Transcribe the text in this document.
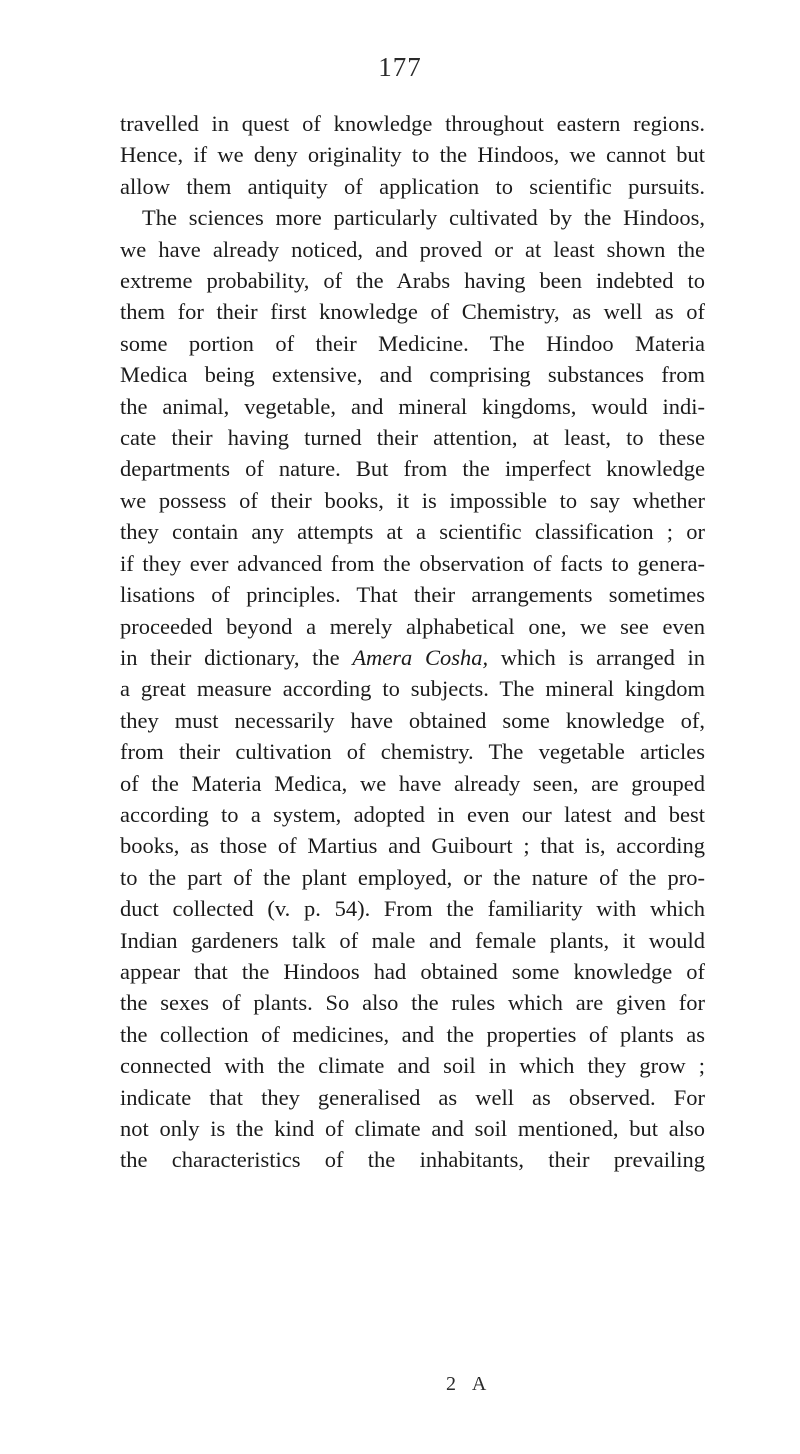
177
travelled in quest of knowledge throughout eastern regions.
Hence, if we deny originality to the Hindoos, we cannot but
allow them antiquity of application to scientific pursuits.
The sciences more particularly cultivated by the Hindoos,
we have already noticed, and proved or at least shown the
extreme probability, of the Arabs having been indebted to
them for their first knowledge of Chemistry, as well as of
some portion of their Medicine. The Hindoo Materia
Medica being extensive, and comprising substances from
the animal, vegetable, and mineral kingdoms, would indi-
cate their having turned their attention, at least, to these
departments of nature. But from the imperfect knowledge
we possess of their books, it is impossible to say whether
they contain any attempts at a scientific classification ; or
if they ever advanced from the observation of facts to genera-
lisations of principles. That their arrangements sometimes
proceeded beyond a merely alphabetical one, we see even
in their dictionary, the Amera Cosha, which is arranged in
a great measure according to subjects. The mineral kingdom
they must necessarily have obtained some knowledge of,
from their cultivation of chemistry. The vegetable articles
of the Materia Medica, we have already seen, are grouped
according to a system, adopted in even our latest and best
books, as those of Martius and Guibourt ; that is, according
to the part of the plant employed, or the nature of the pro-
duct collected (v. p. 54). From the familiarity with which
Indian gardeners talk of male and female plants, it would
appear that the Hindoos had obtained some knowledge of
the sexes of plants. So also the rules which are given for
the collection of medicines, and the properties of plants as
connected with the climate and soil in which they grow ;
indicate that they generalised as well as observed. For
not only is the kind of climate and soil mentioned, but also
the characteristics of the inhabitants, their prevailing
2 A
